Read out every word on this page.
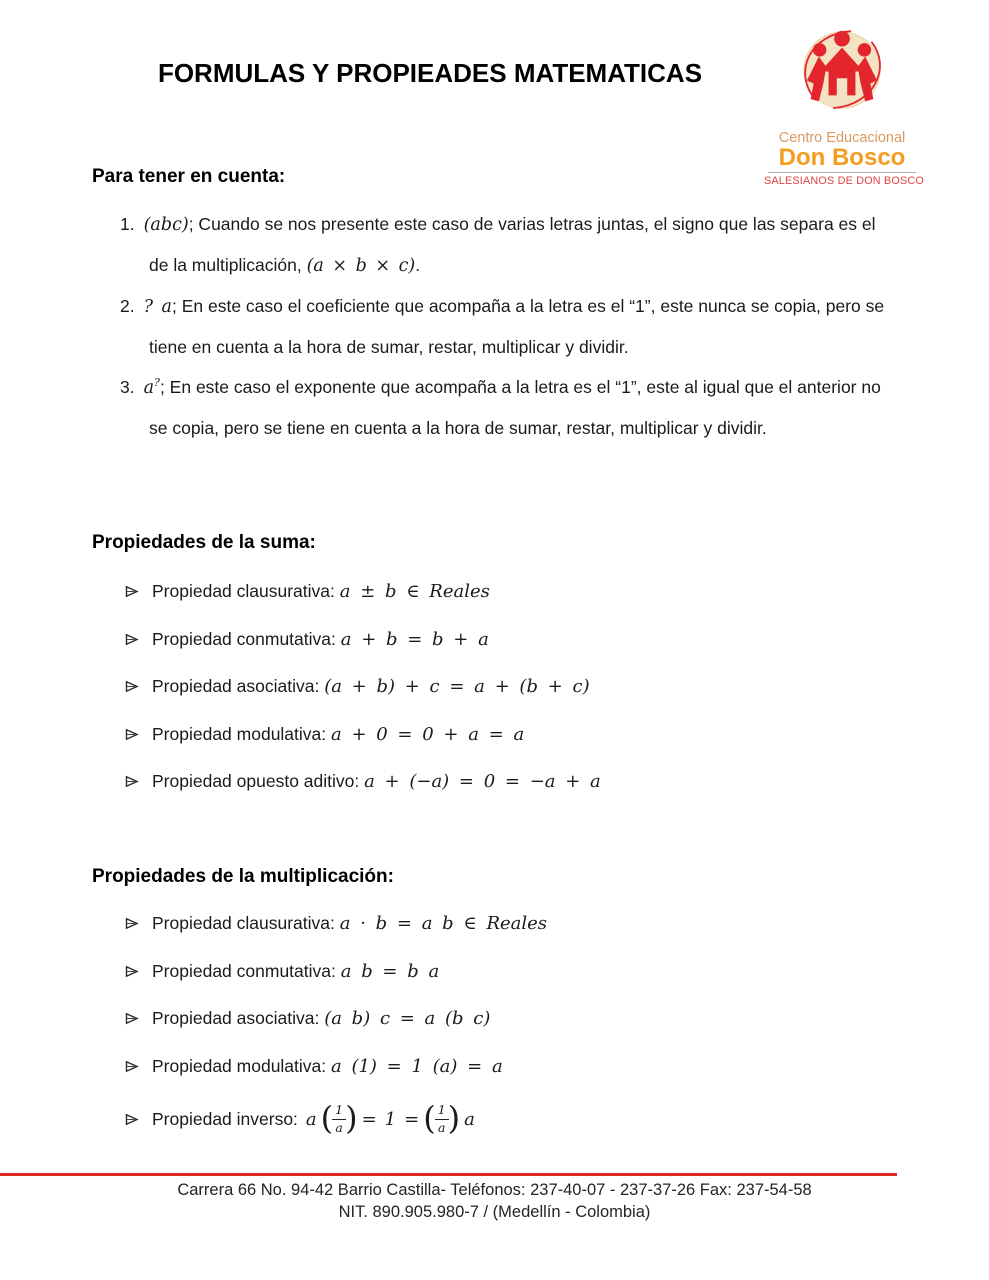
FORMULAS Y PROPIEADES MATEMATICAS
Centro Educacional
Don Bosco
SALESIANOS DE DON BOSCO
Para tener en cuenta:
1. (abc); Cuando se nos presente este caso de varias letras juntas, el signo que las separa es el de la multiplicación, (a × b × c).
2. ? a; En este caso el coeficiente que acompaña a la letra es el “1”, este nunca se copia, pero se tiene en cuenta a la hora de sumar, restar, multiplicar y dividir.
3. a?; En este caso el exponente que acompaña a la letra es el “1”, este al igual que el anterior no se copia, pero se tiene en cuenta a la hora de sumar, restar, multiplicar y dividir.
Propiedades de la suma:
Propiedad clausurativa: a ± b ∈ Reales
Propiedad conmutativa: a + b = b + a
Propiedad asociativa: (a + b) + c = a + (b + c)
Propiedad modulativa: a + 0 = 0 + a = a
Propiedad opuesto aditivo: a + (−a) = 0 = −a + a
Propiedades de la multiplicación:
Propiedad clausurativa: a · b = a b ∈ Reales
Propiedad conmutativa: a b = b a
Propiedad asociativa: (a b) c = a (b c)
Propiedad modulativa: a (1) = 1 (a) = a
Propiedad inverso: a ( $\frac{1}{a}$ ) = 1 = ( $\frac{1}{a}$ ) a
Carrera 66 No. 94-42 Barrio Castilla- Teléfonos: 237-40-07 - 237-37-26 Fax: 237-54-58
NIT. 890.905.980-7 / (Medellín - Colombia)
